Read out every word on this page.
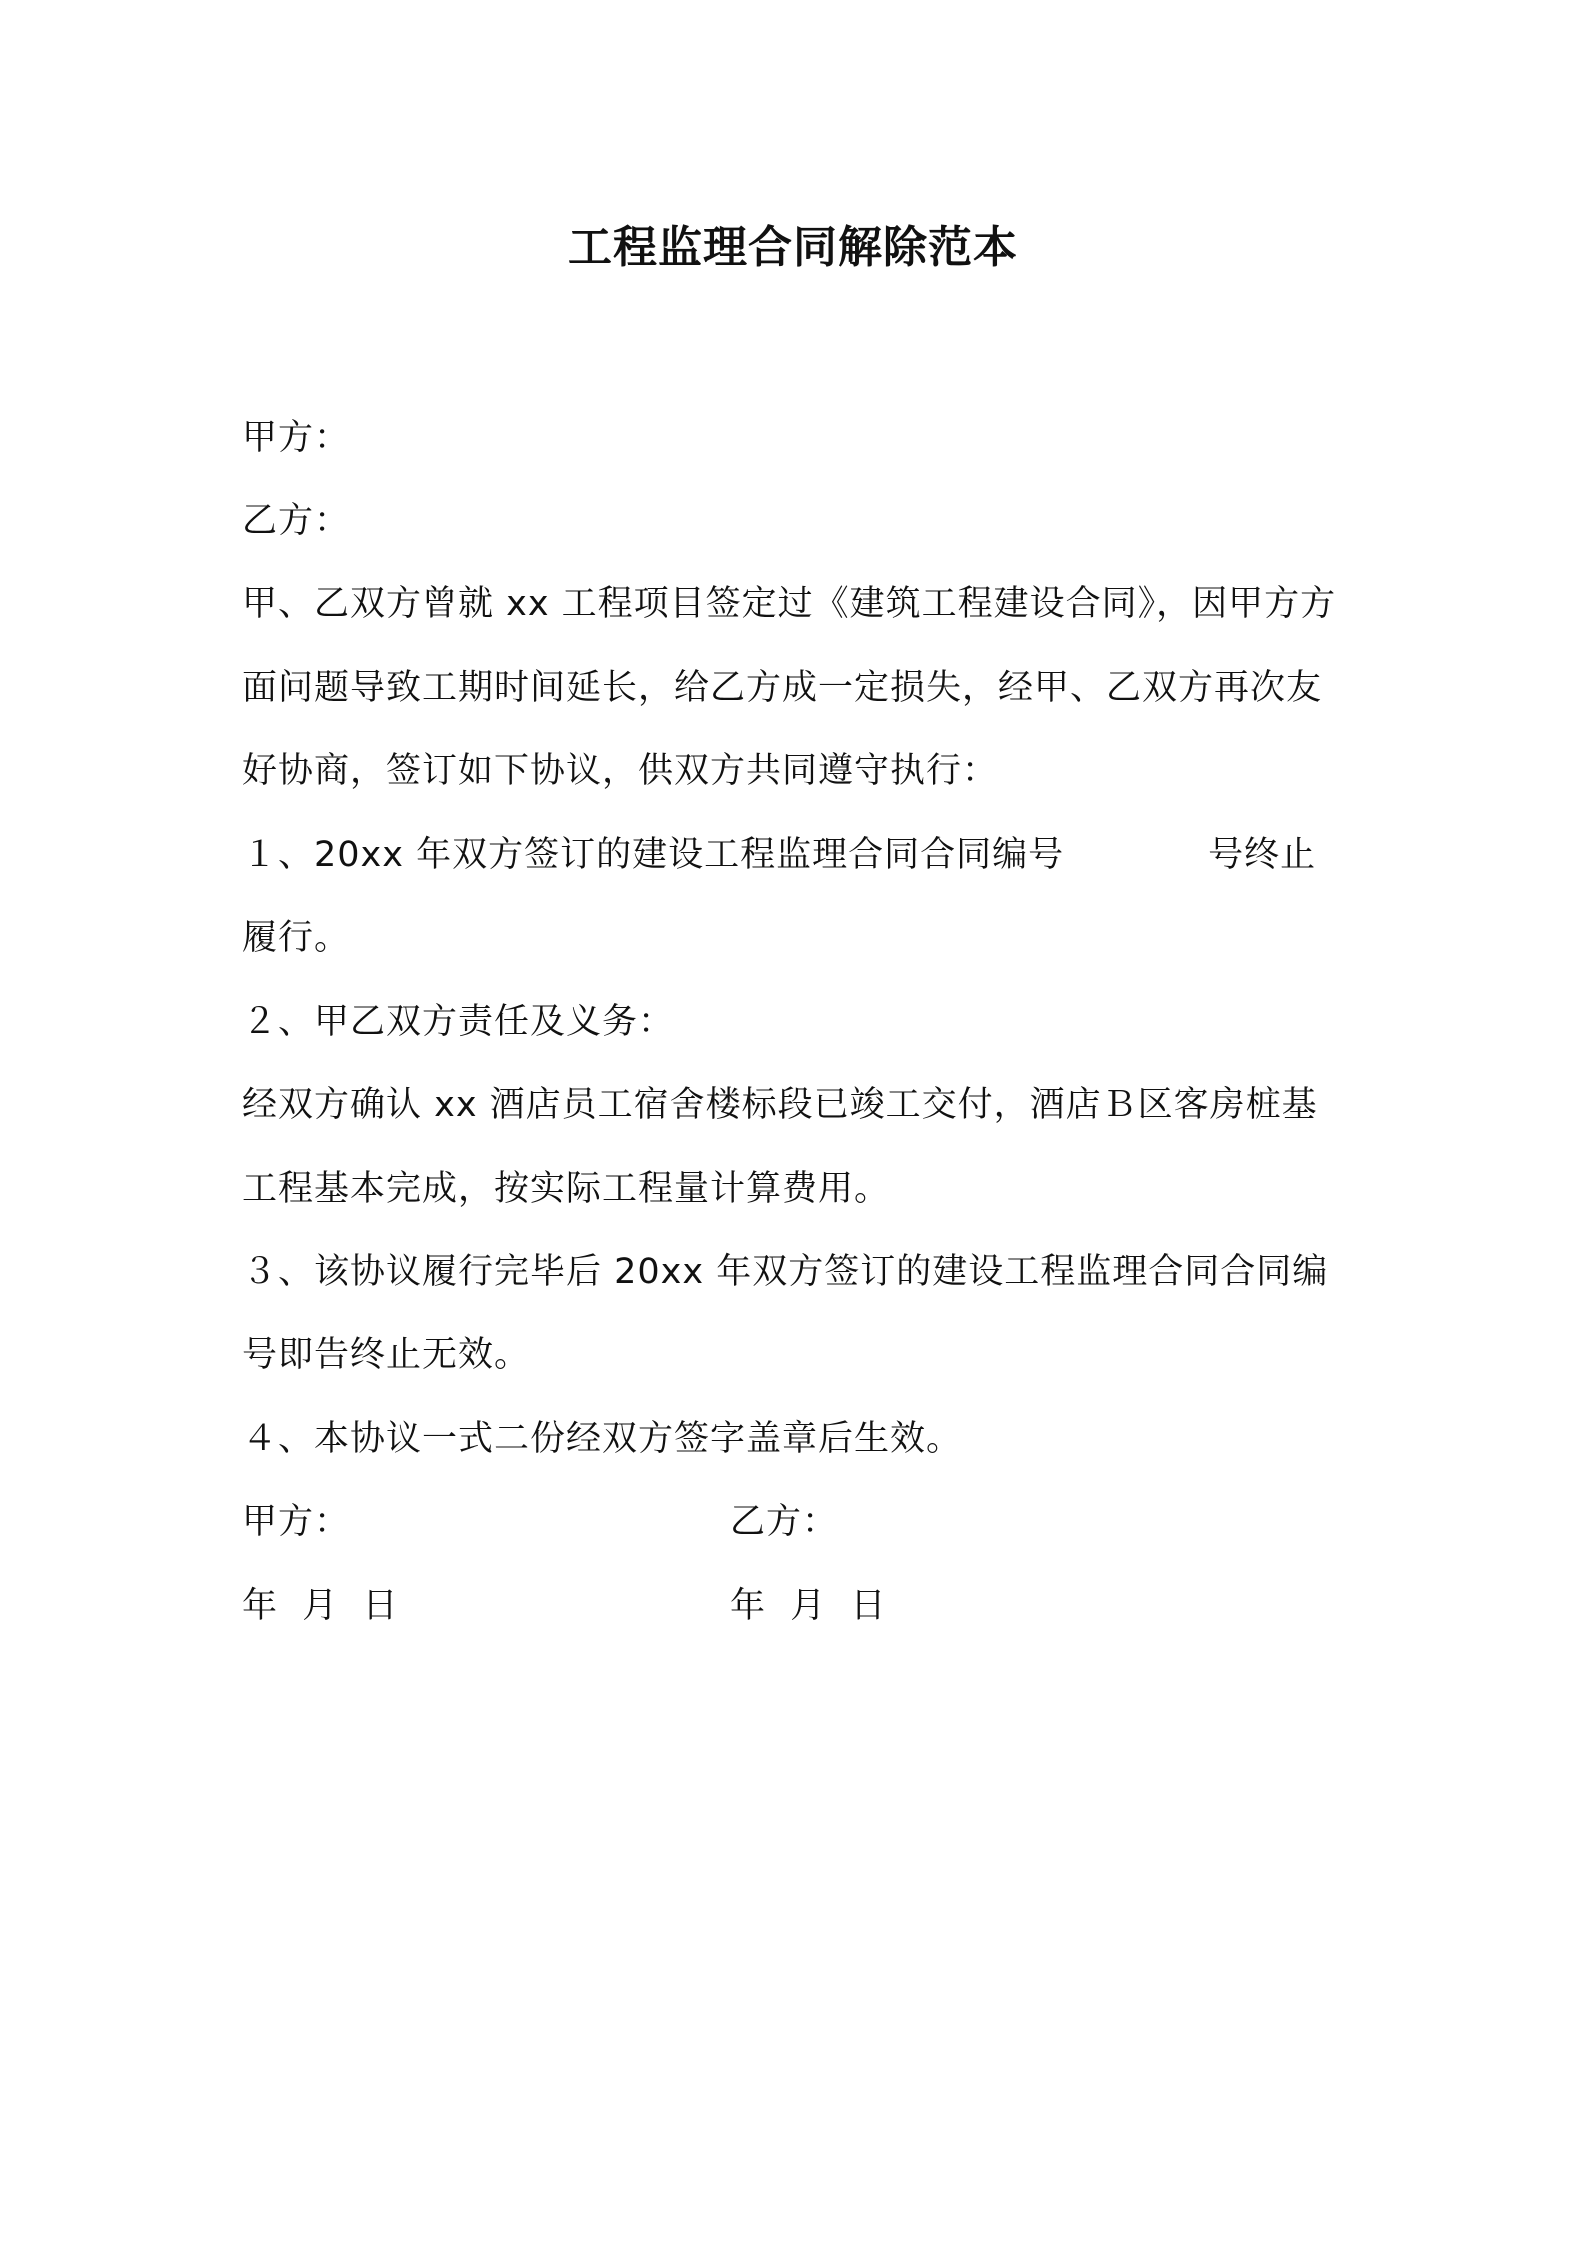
工程监理合同解除范本
甲方：
乙方：
甲、乙双方曾就 xx 工程项目签定过《建筑工程建设合同》，因甲方方
面问题导致工期时间延长，给乙方成一定损失，经甲、乙双方再次友
好协商，签订如下协议，供双方共同遵守执行：
１、20xx 年双方签订的建设工程监理合同合同编号	号终止
履行。
２、甲乙双方责任及义务：
经双方确认 xx 酒店员工宿舍楼标段已竣工交付，酒店Ｂ区客房桩基
工程基本完成，按实际工程量计算费用。
３、该协议履行完毕后 20xx 年双方签订的建设工程监理合同合同编
号即告终止无效。
４、本协议一式二份经双方签字盖章后生效。
甲方：	乙方：
年  月  日	年  月  日
